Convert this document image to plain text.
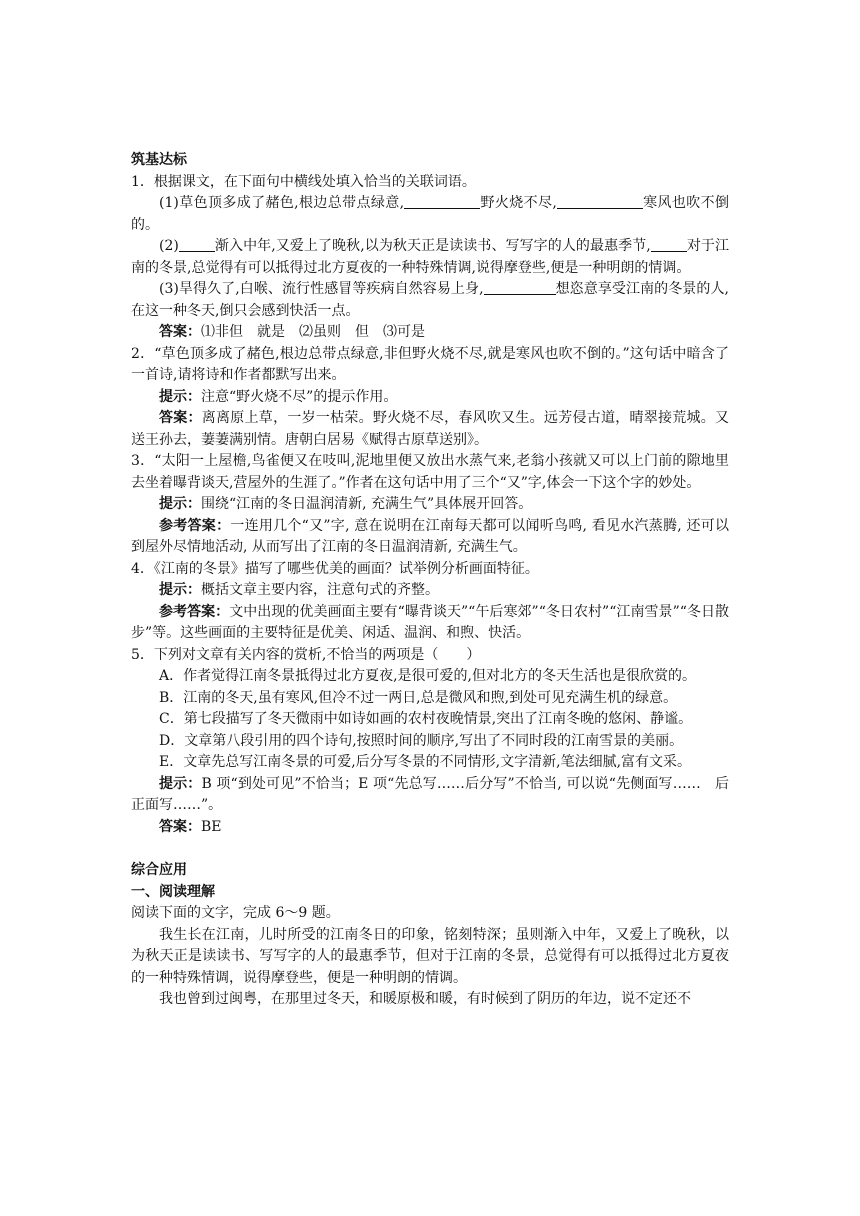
筑基达标

1．根据课文，在下面句中横线处填入恰当的关联词语。

(1)草色顶多成了赭色,根边总带点绿意,	野火烧不尽,	寒风也吹不倒的。

(2)	渐入中年,又爱上了晚秋,以为秋天正是读读书、写写字的人的最惠季节,	对于江南的冬景,总觉得有可以抵得过北方夏夜的一种特殊情调,说得摩登些,便是一种明朗的情调。

(3)旱得久了,白喉、流行性感冒等疾病自然容易上身,	想恣意享受江南的冬景的人,在这一种冬天,倒只会感到快活一点。

答案：⑴非但　就是　⑵虽则　但　⑶可是

2．“草色顶多成了赭色,根边总带点绿意,非但野火烧不尽,就是寒风也吹不倒的。”这句话中暗含了一首诗,请将诗和作者都默写出来。

提示：注意“野火烧不尽”的提示作用。

答案：离离原上草，一岁一枯荣。野火烧不尽，春风吹又生。远芳侵古道，晴翠接荒城。又送王孙去，萋萋满别情。唐朝白居易《赋得古原草送别》。

3．“太阳一上屋檐,鸟雀便又在吱叫,泥地里便又放出水蒸气来,老翁小孩就又可以上门前的隙地里去坐着曝背谈天,营屋外的生涯了。”作者在这句话中用了三个“又”字,体会一下这个字的妙处。

提示：围绕“江南的冬日温润清新, 充满生气”具体展开回答。

参考答案：一连用几个“又”字, 意在说明在江南每天都可以闻听鸟鸣, 看见水汽蒸腾, 还可以到屋外尽情地活动, 从而写出了江南的冬日温润清新, 充满生气。

4．《江南的冬景》描写了哪些优美的画面？试举例分析画面特征。

提示：概括文章主要内容，注意句式的齐整。

参考答案：文中出现的优美画面主要有“曝背谈天”“午后寒郊”“冬日农村”“江南雪景”“冬日散步”等。这些画面的主要特征是优美、闲适、温润、和煦、快活。

5．下列对文章有关内容的赏析,不恰当的两项是（　　）

A．作者觉得江南冬景抵得过北方夏夜,是很可爱的,但对北方的冬天生活也是很欣赏的。

B．江南的冬天,虽有寒风,但冷不过一两日,总是微风和煦,到处可见充满生机的绿意。

C．第七段描写了冬天微雨中如诗如画的农村夜晚情景,突出了江南冬晚的悠闲、静谧。

D．文章第八段引用的四个诗句,按照时间的顺序,写出了不同时段的江南雪景的美丽。

E．文章先总写江南冬景的可爱,后分写冬景的不同情形,文字清新,笔法细腻,富有文采。

提示：B 项“到处可见”不恰当；E 项“先总写……后分写”不恰当, 可以说“先侧面写……　后正面写……”。

答案：BE

综合应用

一、阅读理解

阅读下面的文字，完成 6～9 题。

我生长在江南，儿时所受的江南冬日的印象，铭刻特深；虽则渐入中年，又爱上了晚秋，以为秋天正是读读书、写写字的人的最惠季节，但对于江南的冬景，总觉得有可以抵得过北方夏夜的一种特殊情调，说得摩登些，便是一种明朗的情调。

我也曾到过闽粤，在那里过冬天，和暖原极和暖，有时候到了阴历的年边，说不定还不
